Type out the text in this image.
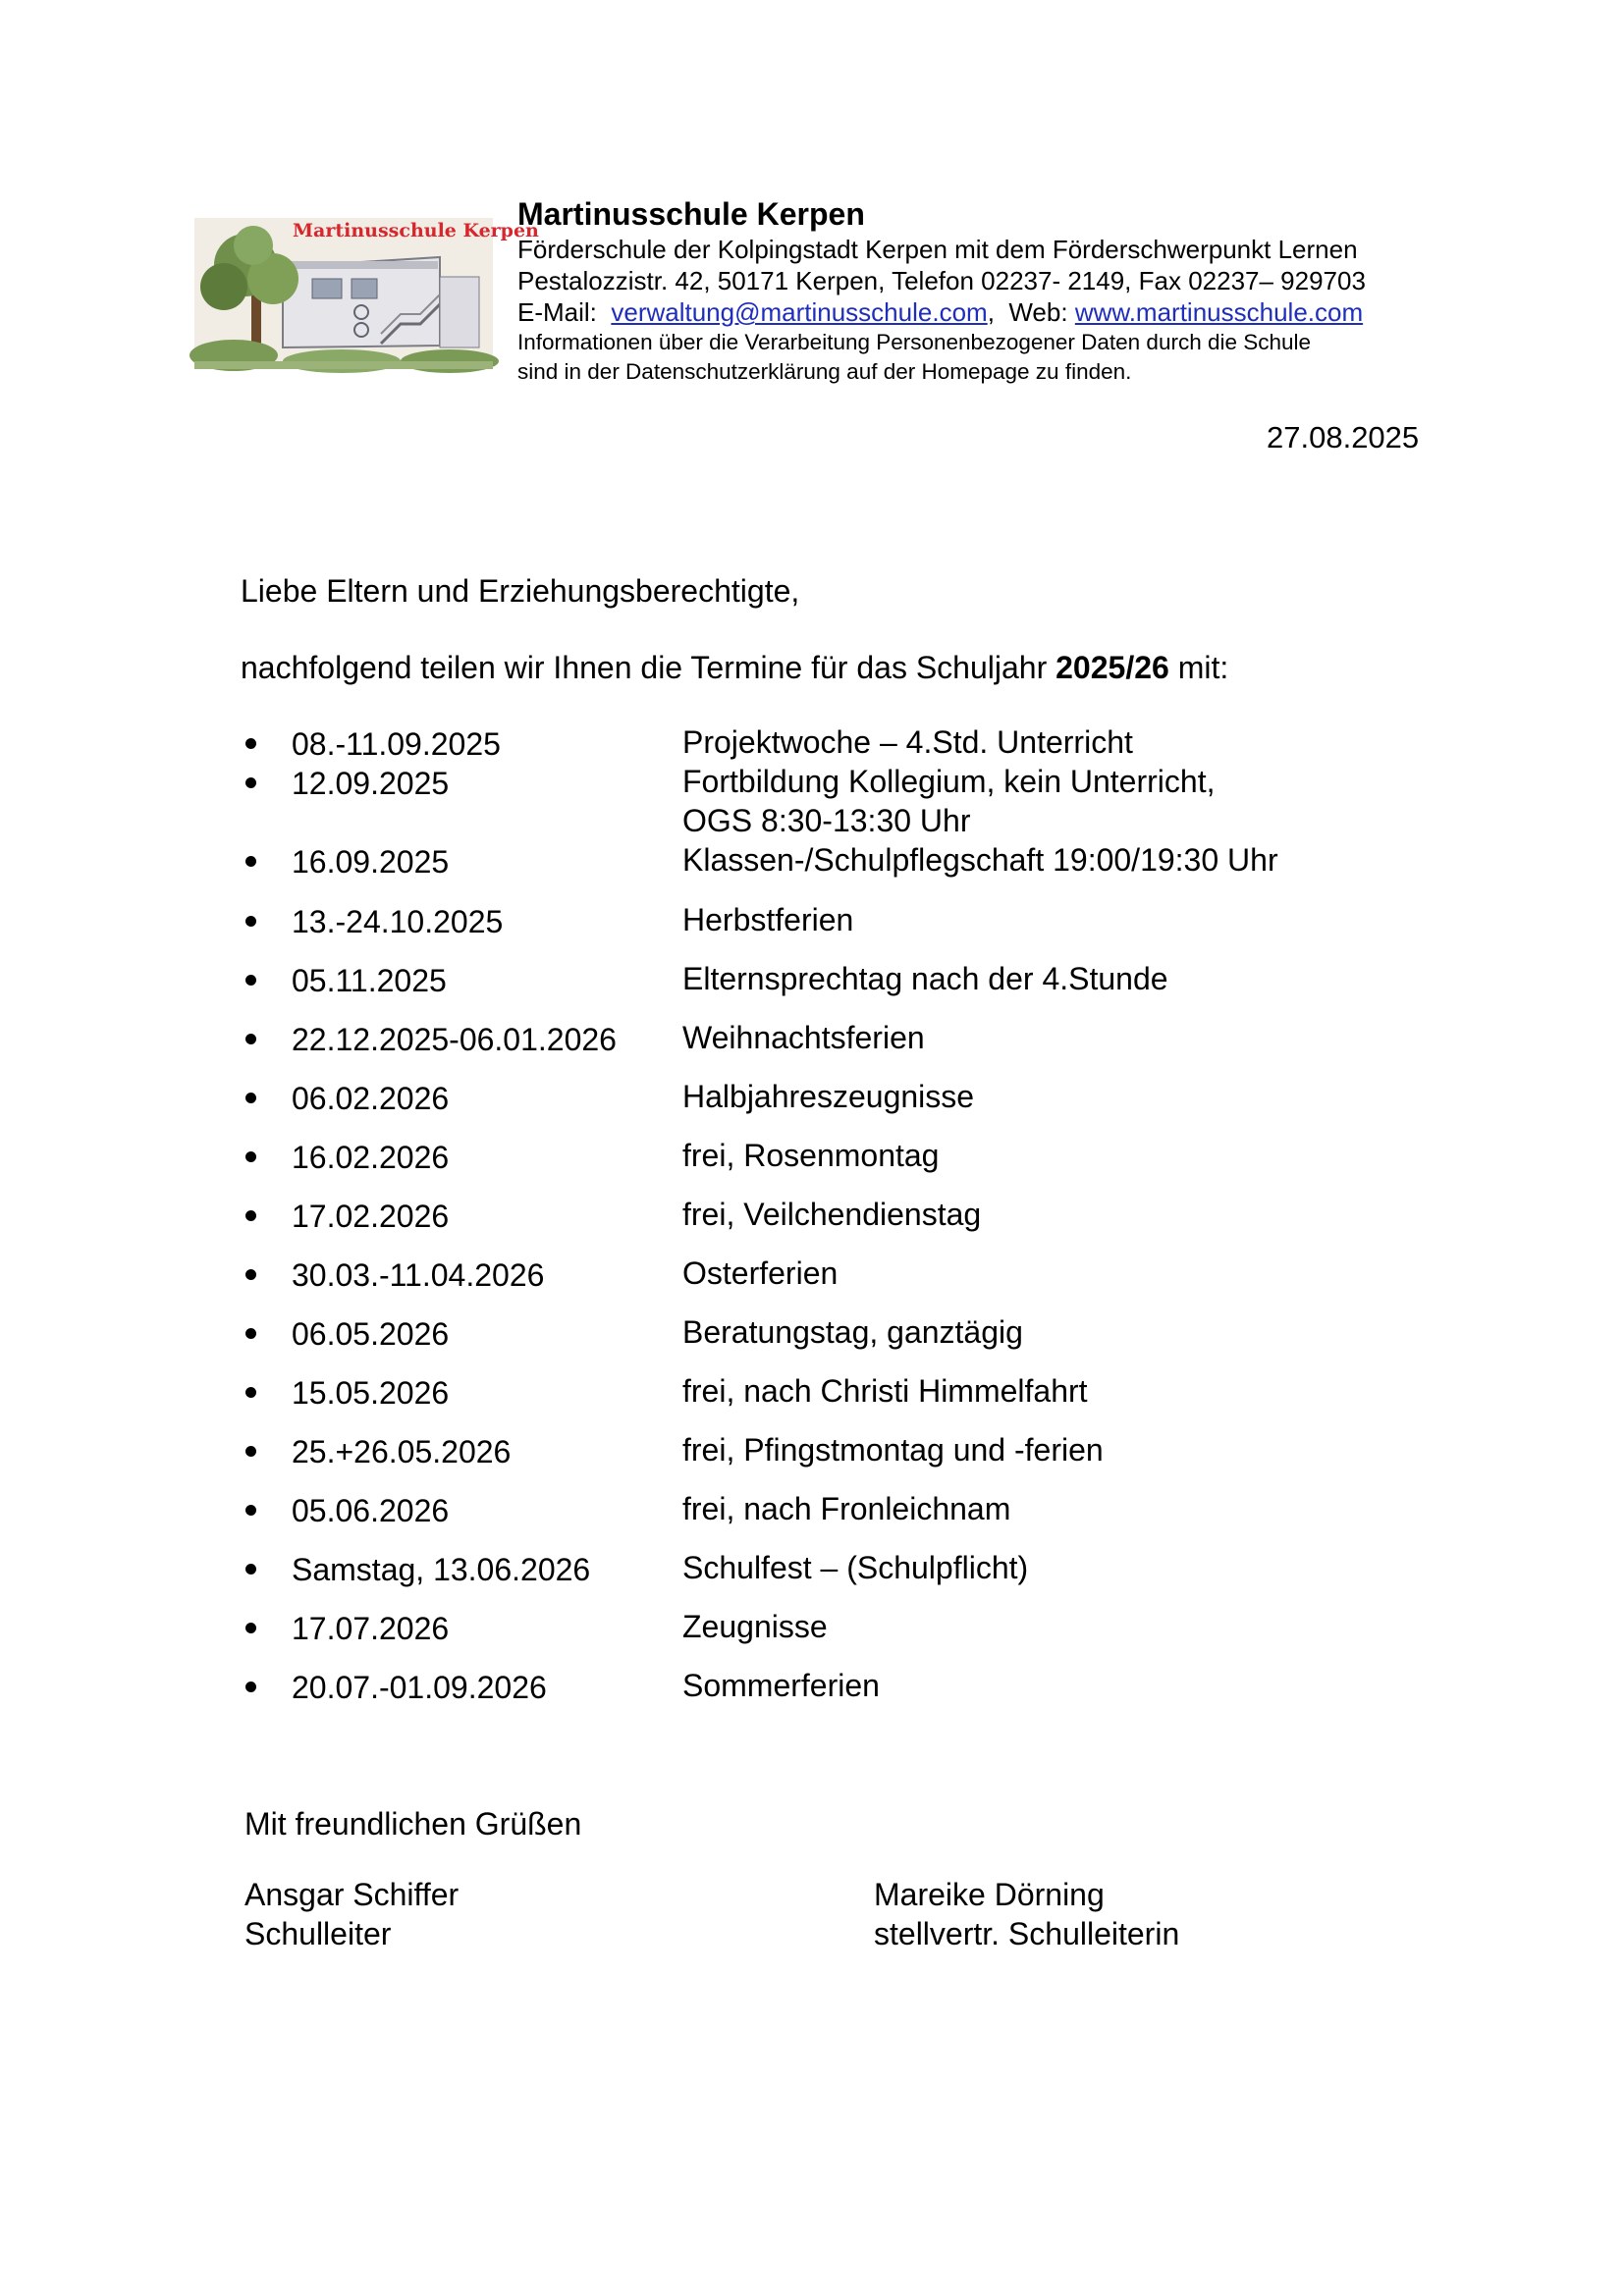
Martinusschule Kerpen
Martinusschule Kerpen
Förderschule der Kolpingstadt Kerpen mit dem Förderschwerpunkt Lernen
Pestalozzistr. 42, 50171 Kerpen, Telefon 02237- 2149, Fax 02237– 929703
E-Mail: verwaltung@martinusschule.com,  Web: www.martinusschule.com
Informationen über die Verarbeitung Personenbezogener Daten durch die Schule
sind in der Datenschutzerklärung auf der Homepage zu finden.
27.08.2025
Liebe Eltern und Erziehungsberechtigte,
nachfolgend teilen wir Ihnen die Termine für das Schuljahr 2025/26 mit:
08.-11.09.2025	Projektwoche – 4.Std. Unterricht
12.09.2025	Fortbildung Kollegium, kein Unterricht,
OGS 8:30-13:30 Uhr
16.09.2025	Klassen-/Schulpflegschaft 19:00/19:30 Uhr
13.-24.10.2025	Herbstferien
05.11.2025	Elternsprechtag nach der 4.Stunde
22.12.2025-06.01.2026 Weihnachtsferien
06.02.2026	Halbjahreszeugnisse
16.02.2026	frei, Rosenmontag
17.02.2026	frei, Veilchendienstag
30.03.-11.04.2026	Osterferien
06.05.2026	Beratungstag, ganztägig
15.05.2026	frei, nach Christi Himmelfahrt
25.+26.05.2026	frei, Pfingstmontag und -ferien
05.06.2026	frei, nach Fronleichnam
Samstag, 13.06.2026	Schulfest – (Schulpflicht)
17.07.2026	Zeugnisse
20.07.-01.09.2026	Sommerferien
Mit freundlichen Grüßen
Ansgar Schiffer
Schulleiter
Mareike Dörning
stellvertr. Schulleiterin
